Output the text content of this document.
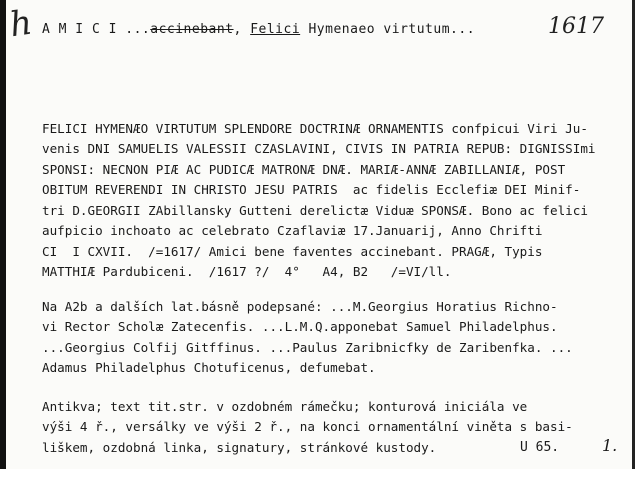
h A M I C I ...accinebant, Felici Hymenaeo virtutum...	1617

FELICI HYMENÆO VIRTUTUM SPLENDORE DOCTRINÆ ORNAMENTIS confpicui Viri Ju-
venis DNI SAMUELIS VALESSII CZASLAVINI, CIVIS IN PATRIA REPUB: DIGNISSImi
SPONSI: NECNON PIÆ AC PUDICÆ MATRONÆ DNÆ. MARIÆ-ANNÆ ZABILLANIÆ, POST
OBITUM REVERENDI IN CHRISTO JESU PATRIS  ac fidelis Ecclefiæ DEI Minif-
tri D.GEORGII ZAbillansky Gutteni derelictæ Viduæ SPONSÆ. Bono ac felici
aufpicio inchoato ac celebrato Czaflaviæ 17.Januarij, Anno Chrifti
CI  I CXVII.  /=1617/ Amici bene faventes accinebant. PRAGÆ, Typis
MATTHIÆ Pardubiceni.  /1617 ?/  4°   A4, B2   /=VI/ll.

Na A2b a dalších lat.básně podepsané: ...M.Georgius Horatius Richno-
vi Rector Scholæ Zatecenfis. ...L.M.Q.apponebat Samuel Philadelphus.
...Georgius Colfij Gitffinus. ...Paulus Zaribnicfky de Zaribenfka. ...
Adamus Philadelphus Chotuficenus, defumebat.

Antikva; text tit.str. v ozdobném rámečku; konturová iniciála ve
výši 4 ř., versálky ve výši 2 ř., na konci ornamentální viněta s basi-
liškem, ozdobná linka, signatury, stránkové kustody.
	U 65.	1.
